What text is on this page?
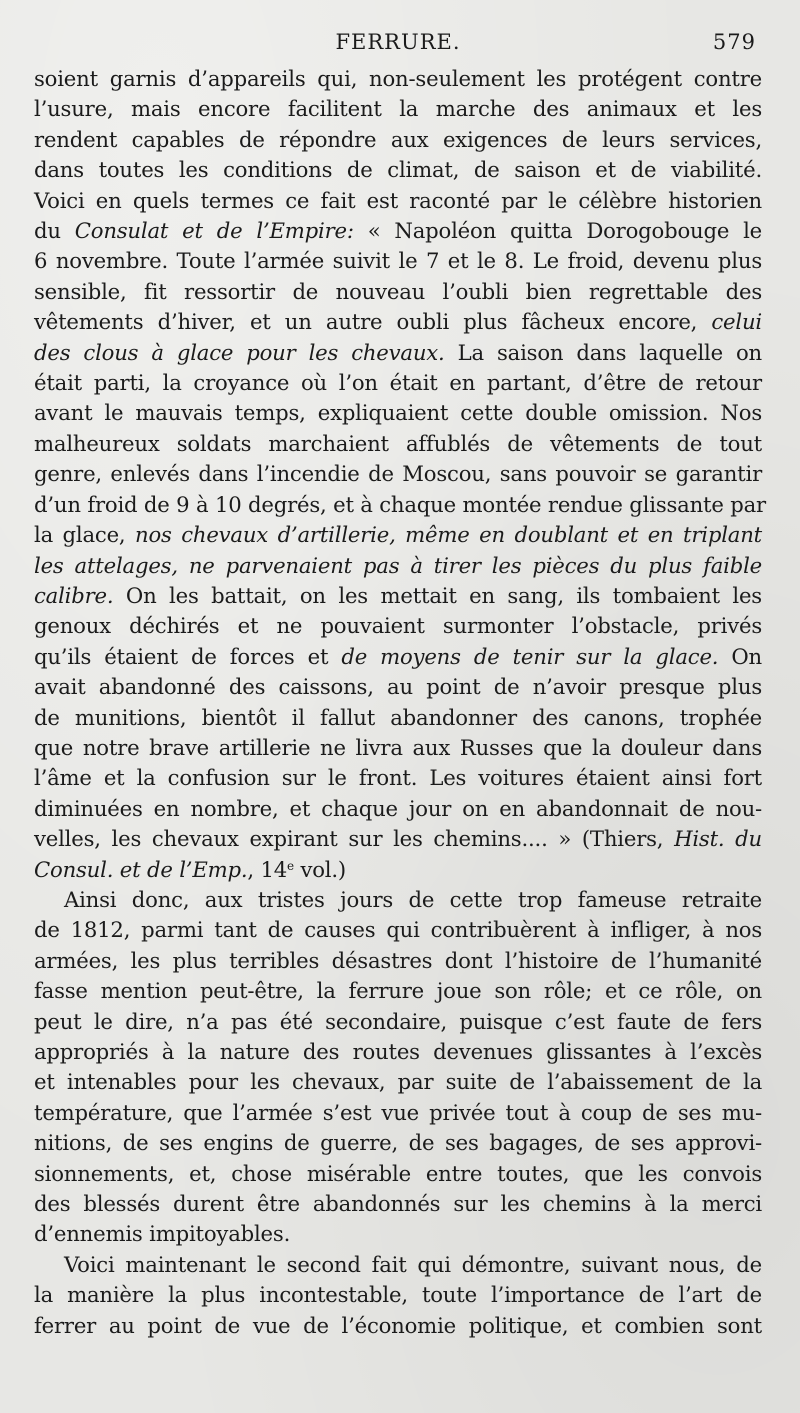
FERRURE.	579

soient garnis d’appareils qui, non-seulement les protégent contre
l’usure, mais encore facilitent la marche des animaux et les
rendent capables de répondre aux exigences de leurs services,
dans toutes les conditions de climat, de saison et de viabilité.
Voici en quels termes ce fait est raconté par le célèbre historien
du Consulat et de l’Empire: « Napoléon quitta Dorogobouge le
6 novembre. Toute l’armée suivit le 7 et le 8. Le froid, devenu plus
sensible, fit ressortir de nouveau l’oubli bien regrettable des
vêtements d’hiver, et un autre oubli plus fâcheux encore, celui
des clous à glace pour les chevaux. La saison dans laquelle on
était parti, la croyance où l’on était en partant, d’être de retour
avant le mauvais temps, expliquaient cette double omission. Nos
malheureux soldats marchaient affublés de vêtements de tout
genre, enlevés dans l’incendie de Moscou, sans pouvoir se garantir
d’un froid de 9 à 10 degrés, et à chaque montée rendue glissante par
la glace, nos chevaux d’artillerie, même en doublant et en triplant
les attelages, ne parvenaient pas à tirer les pièces du plus faible
calibre. On les battait, on les mettait en sang, ils tombaient les
genoux déchirés et ne pouvaient surmonter l’obstacle, privés
qu’ils étaient de forces et de moyens de tenir sur la glace. On
avait abandonné des caissons, au point de n’avoir presque plus
de munitions, bientôt il fallut abandonner des canons, trophée
que notre brave artillerie ne livra aux Russes que la douleur dans
l’âme et la confusion sur le front. Les voitures étaient ainsi fort
diminuées en nombre, et chaque jour on en abandonnait de nou-
velles, les chevaux expirant sur les chemins.... » (Thiers, Hist. du
Consul. et de l’Emp., 14e vol.)

Ainsi donc, aux tristes jours de cette trop fameuse retraite
de 1812, parmi tant de causes qui contribuèrent à infliger, à nos
armées, les plus terribles désastres dont l’histoire de l’humanité
fasse mention peut-être, la ferrure joue son rôle; et ce rôle, on
peut le dire, n’a pas été secondaire, puisque c’est faute de fers
appropriés à la nature des routes devenues glissantes à l’excès
et intenables pour les chevaux, par suite de l’abaissement de la
température, que l’armée s’est vue privée tout à coup de ses mu-
nitions, de ses engins de guerre, de ses bagages, de ses approvi-
sionnements, et, chose misérable entre toutes, que les convois
des blessés durent être abandonnés sur les chemins à la merci
d’ennemis impitoyables.

Voici maintenant le second fait qui démontre, suivant nous, de
la manière la plus incontestable, toute l’importance de l’art de
ferrer au point de vue de l’économie politique, et combien sont
